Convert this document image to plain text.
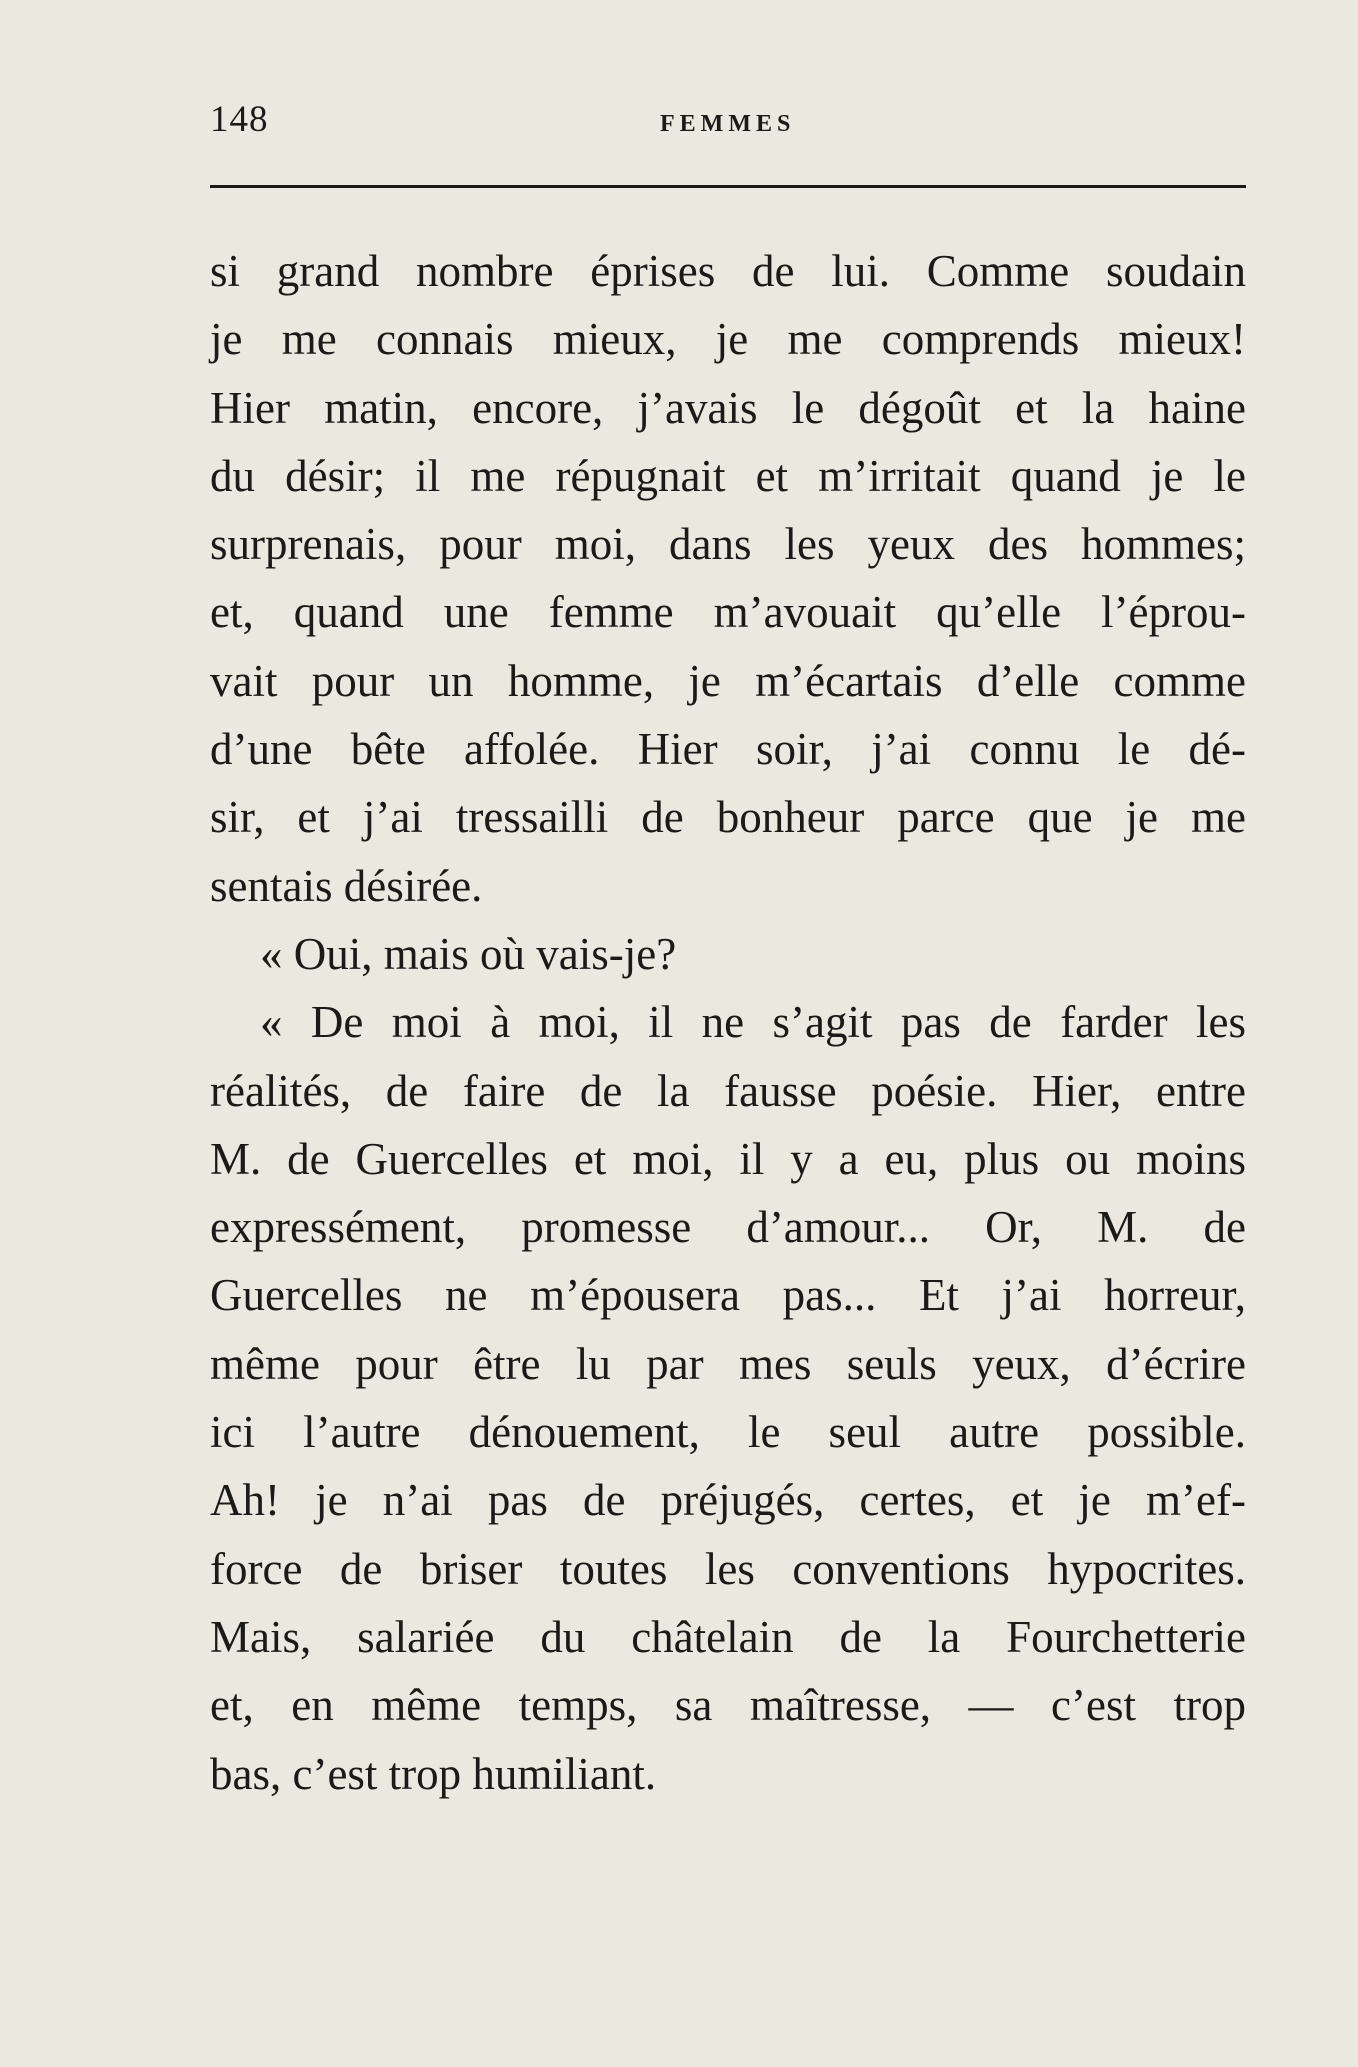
148	FEMMES
si grand nombre éprises de lui. Comme soudain
je me connais mieux, je me comprends mieux!
Hier matin, encore, j’avais le dégoût et la haine
du désir; il me répugnait et m’irritait quand je le
surprenais, pour moi, dans les yeux des hommes;
et, quand une femme m’avouait qu’elle l’éprou-
vait pour un homme, je m’écartais d’elle comme
d’une bête affolée. Hier soir, j’ai connu le dé-
sir, et j’ai tressailli de bonheur parce que je me
sentais désirée.
« Oui, mais où vais-je?
« De moi à moi, il ne s’agit pas de farder les
réalités, de faire de la fausse poésie. Hier, entre
M. de Guercelles et moi, il y a eu, plus ou moins
expressément, promesse d’amour... Or, M. de
Guercelles ne m’épousera pas... Et j’ai horreur,
même pour être lu par mes seuls yeux, d’écrire
ici l’autre dénouement, le seul autre possible.
Ah! je n’ai pas de préjugés, certes, et je m’ef-
force de briser toutes les conventions hypocrites.
Mais, salariée du châtelain de la Fourchetterie
et, en même temps, sa maîtresse, — c’est trop
bas, c’est trop humiliant.
